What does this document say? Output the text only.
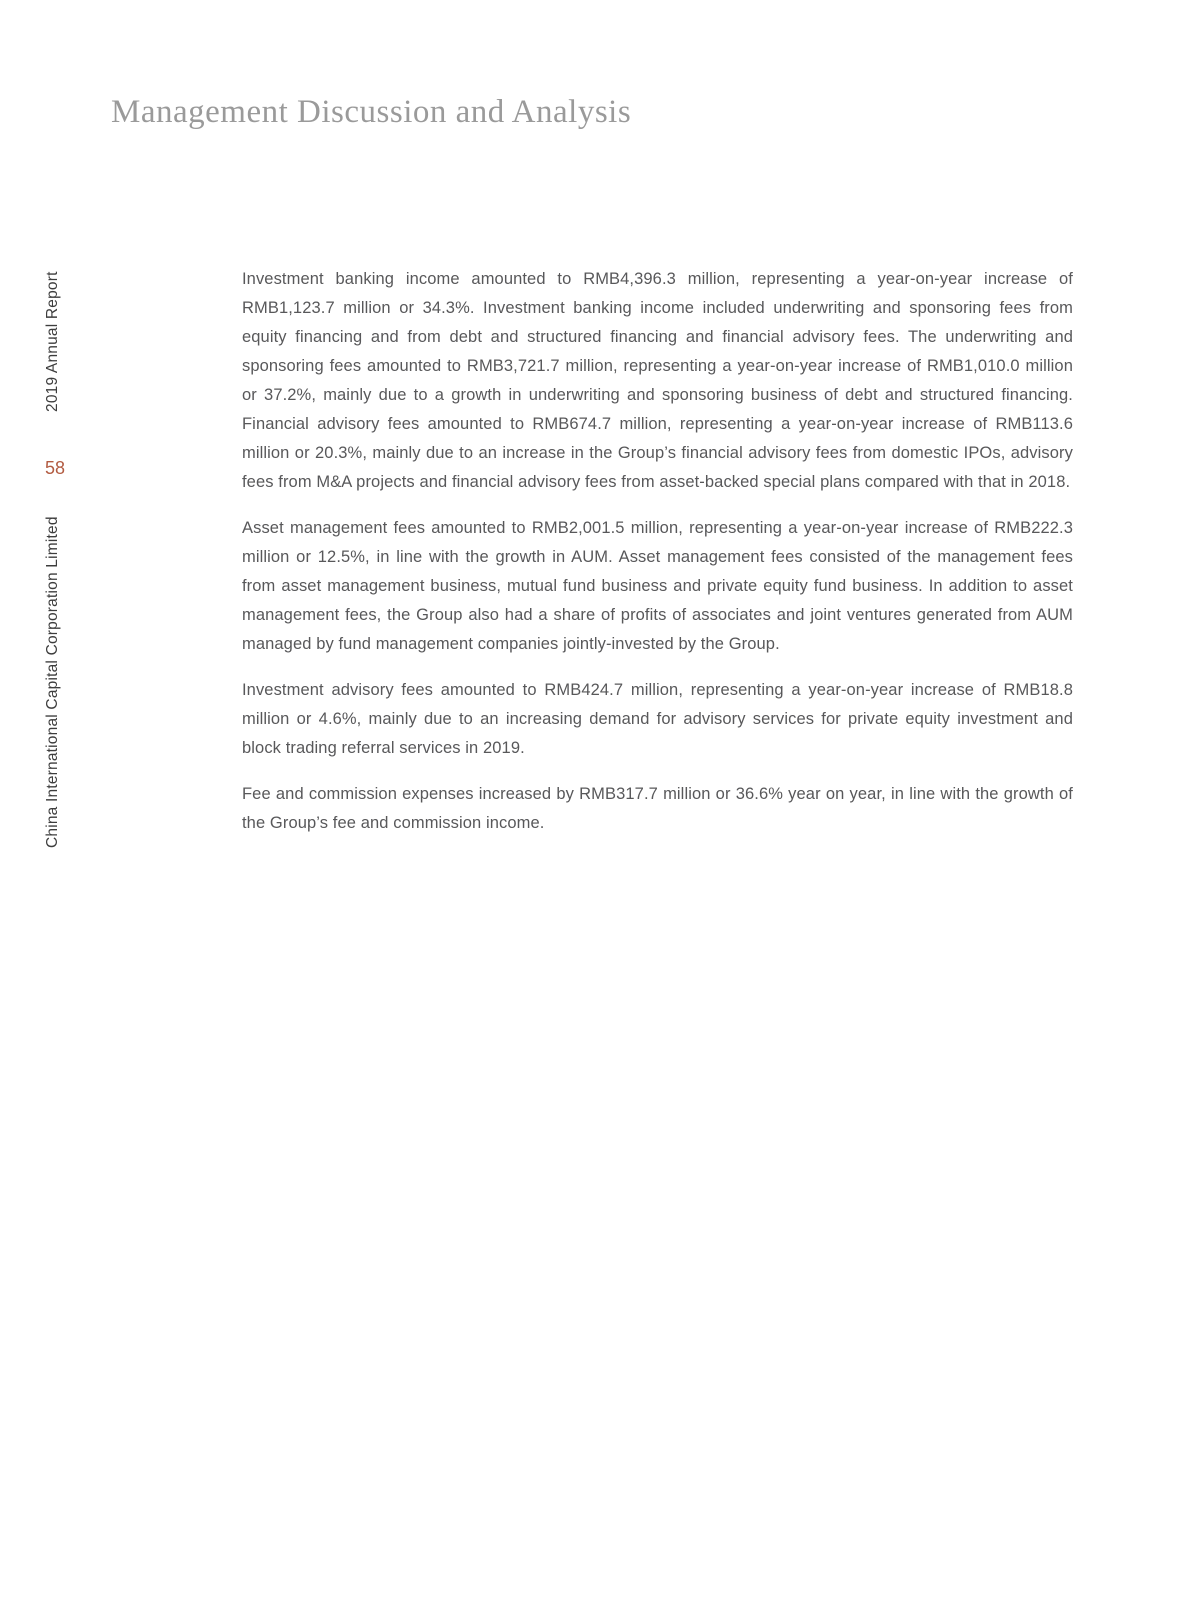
Management Discussion and Analysis
2019 Annual Report
58
China International Capital Corporation Limited

Investment banking income amounted to RMB4,396.3 million, representing a year-on-year increase of RMB1,123.7 million or 34.3%. Investment banking income included underwriting and sponsoring fees from equity financing and from debt and structured financing and financial advisory fees. The underwriting and sponsoring fees amounted to RMB3,721.7 million, representing a year-on-year increase of RMB1,010.0 million or 37.2%, mainly due to a growth in underwriting and sponsoring business of debt and structured financing. Financial advisory fees amounted to RMB674.7 million, representing a year-on-year increase of RMB113.6 million or 20.3%, mainly due to an increase in the Group’s financial advisory fees from domestic IPOs, advisory fees from M&A projects and financial advisory fees from asset-backed special plans compared with that in 2018.

Asset management fees amounted to RMB2,001.5 million, representing a year-on-year increase of RMB222.3 million or 12.5%, in line with the growth in AUM. Asset management fees consisted of the management fees from asset management business, mutual fund business and private equity fund business. In addition to asset management fees, the Group also had a share of profits of associates and joint ventures generated from AUM managed by fund management companies jointly-invested by the Group.

Investment advisory fees amounted to RMB424.7 million, representing a year-on-year increase of RMB18.8 million or 4.6%, mainly due to an increasing demand for advisory services for private equity investment and block trading referral services in 2019.

Fee and commission expenses increased by RMB317.7 million or 36.6% year on year, in line with the growth of the Group’s fee and commission income.
